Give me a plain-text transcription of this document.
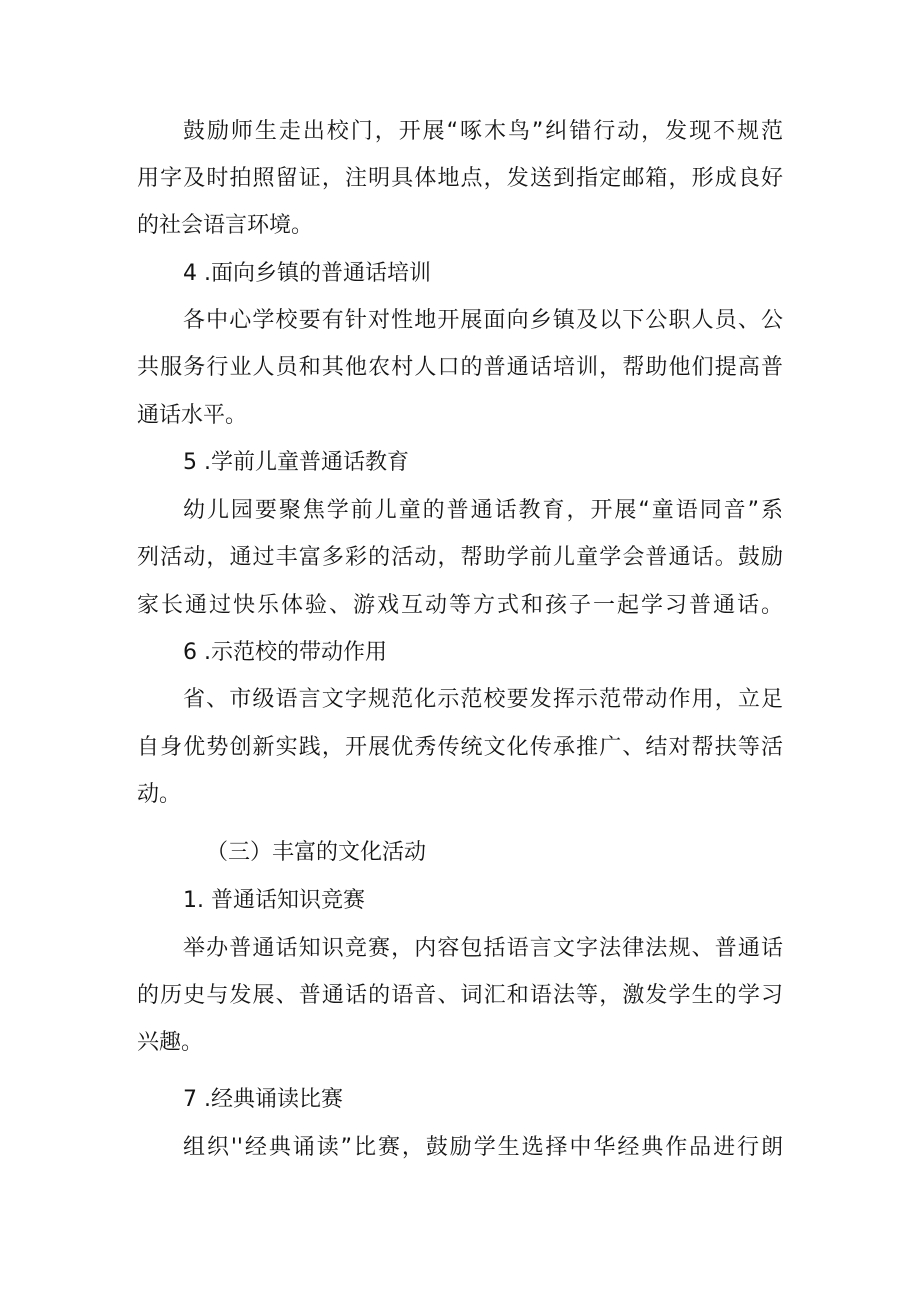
鼓励师生走出校门，开展“啄木鸟”纠错行动，发现不规范
用字及时拍照留证，注明具体地点，发送到指定邮箱，形成良好
的社会语言环境。
4 .面向乡镇的普通话培训
各中心学校要有针对性地开展面向乡镇及以下公职人员、公
共服务行业人员和其他农村人口的普通话培训，帮助他们提高普
通话水平。
5 .学前儿童普通话教育
幼儿园要聚焦学前儿童的普通话教育，开展“童语同音”系
列活动，通过丰富多彩的活动，帮助学前儿童学会普通话。鼓励
家长通过快乐体验、游戏互动等方式和孩子一起学习普通话。
6 .示范校的带动作用
省、市级语言文字规范化示范校要发挥示范带动作用，立足
自身优势创新实践，开展优秀传统文化传承推广、结对帮扶等活
动。
（三）丰富的文化活动
1. 普通话知识竞赛
举办普通话知识竞赛，内容包括语言文字法律法规、普通话
的历史与发展、普通话的语音、词汇和语法等，激发学生的学习
兴趣。
7 .经典诵读比赛
组织''经典诵读”比赛，鼓励学生选择中华经典作品进行朗
